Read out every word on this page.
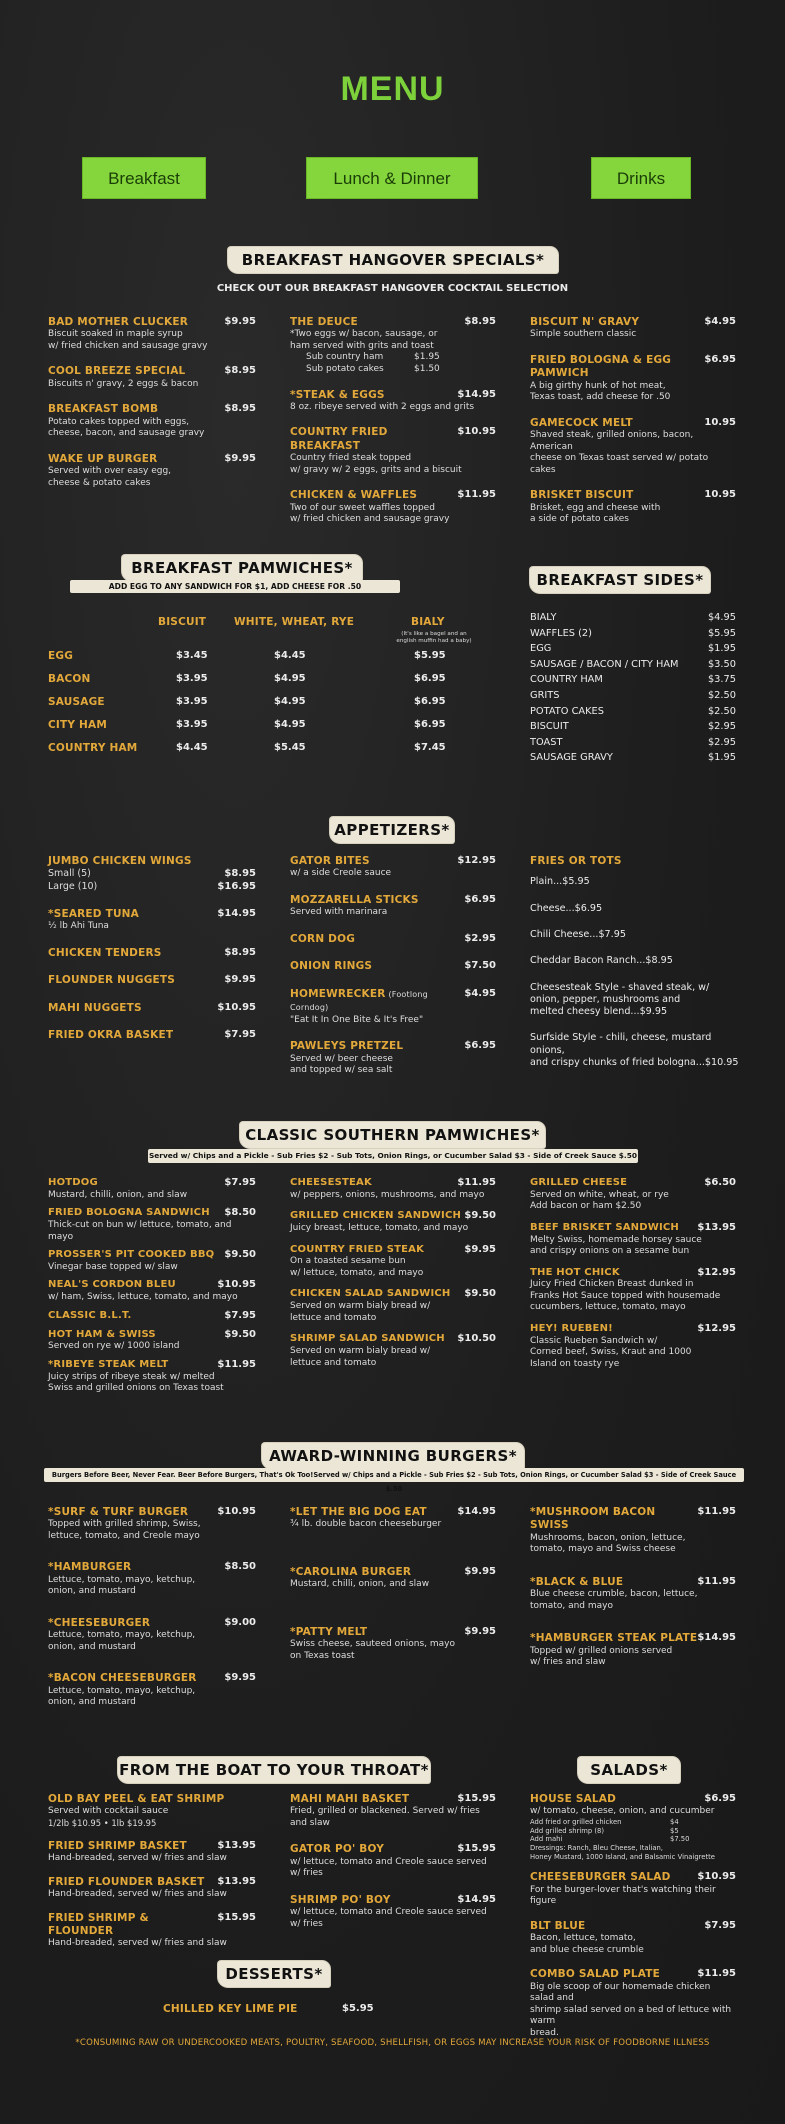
MENU
Breakfast	Lunch & Dinner	Drinks
BREAKFAST HANGOVER SPECIALS*
CHECK OUT OUR BREAKFAST HANGOVER COCKTAIL SELECTION
BAD MOTHER CLUCKER	$9.95
Biscuit soaked in maple syrup
w/ fried chicken and sausage gravy
COOL BREEZE SPECIAL	$8.95
Biscuits n' gravy, 2 eggs & bacon
BREAKFAST BOMB	$8.95
Potato cakes topped with eggs,
cheese, bacon, and sausage gravy
WAKE UP BURGER	$9.95
Served with over easy egg,
cheese & potato cakes
THE DEUCE	$8.95
*Two eggs w/ bacon, sausage, or
ham served with grits and toast
Sub country ham	$1.95
Sub potato cakes	$1.50
*STEAK & EGGS	$14.95
8 oz. ribeye served with 2 eggs and grits
COUNTRY FRIED BREAKFAST
$10.95
Country fried steak topped
w/ gravy w/ 2 eggs, grits and a biscuit
CHICKEN & WAFFLES	$11.95
Two of our sweet waffles topped
w/ fried chicken and sausage gravy
BISCUIT N' GRAVY	$4.95
Simple southern classic
FRIED BOLOGNA & EGG PAMWICH
$6.95
A big girthy hunk of hot meat,
Texas toast, add cheese for .50
GAMECOCK MELT	10.95
Shaved steak, grilled onions, bacon, American
cheese on Texas toast served w/ potato cakes
BRISKET BISCUIT	10.95
Brisket, egg and cheese with
a side of potato cakes
BREAKFAST PAMWICHES*
ADD EGG TO ANY SANDWICH FOR $1, ADD CHEESE FOR .50
BISCUIT	WHITE, WHEAT, RYE	BIALY
(It's like a bagel and an
english muffin had a baby)
EGG	$3.45	$4.45	$5.95
BACON	$3.95	$4.95	$6.95
SAUSAGE	$3.95	$4.95	$6.95
CITY HAM	$3.95	$4.95	$6.95
COUNTRY HAM	$4.45	$5.45	$7.45
BREAKFAST SIDES*
BIALY	$4.95
WAFFLES (2)	$5.95
EGG	$1.95
SAUSAGE / BACON / CITY HAM	$3.50
COUNTRY HAM	$3.75
GRITS	$2.50
POTATO CAKES	$2.50
BISCUIT	$2.95
TOAST	$2.95
SAUSAGE GRAVY	$1.95
APPETIZERS*
JUMBO CHICKEN WINGS
Small (5)	$8.95
Large (10)	$16.95
*SEARED TUNA	$14.95
½ lb Ahi Tuna
CHICKEN TENDERS	$8.95
FLOUNDER NUGGETS	$9.95
MAHI NUGGETS	$10.95
FRIED OKRA BASKET	$7.95
GATOR BITES	$12.95
w/ a side Creole sauce
MOZZARELLA STICKS	$6.95
Served with marinara
CORN DOG	$2.95
ONION RINGS	$7.50
HOMEWRECKER (Footlong Corndog)
$4.95
"Eat It In One Bite & It's Free"
PAWLEYS PRETZEL	$6.95
Served w/ beer cheese
and topped w/ sea salt
FRIES OR TOTS
Plain...$5.95
Cheese...$6.95
Chili Cheese...$7.95
Cheddar Bacon Ranch...$8.95
Cheesesteak Style - shaved steak, w/
onion, pepper, mushrooms and
melted cheesy blend...$9.95
Surfside Style - chili, cheese, mustard onions,
and crispy chunks of fried bologna...$10.95
CLASSIC SOUTHERN PAMWICHES*
Served w/ Chips and a Pickle - Sub Fries $2 - Sub Tots, Onion Rings, or Cucumber Salad $3 - Side of Creek Sauce $.50
HOTDOG	$7.95
Mustard, chilli, onion, and slaw
FRIED BOLOGNA SANDWICH $8.50
Thick-cut on bun w/ lettuce, tomato, and mayo
PROSSER'S PIT COOKED BBQ $9.50
Vinegar base topped w/ slaw
NEAL'S CORDON BLEU	$10.95
w/ ham, Swiss, lettuce, tomato, and mayo
CLASSIC B.L.T.	$7.95
HOT HAM & SWISS	$9.50
Served on rye w/ 1000 island
*RIBEYE STEAK MELT	$11.95
Juicy strips of ribeye steak w/ melted
Swiss and grilled onions on Texas toast
CHEESESTEAK	$11.95
w/ peppers, onions, mushrooms, and mayo
GRILLED CHICKEN SANDWICH $9.50
Juicy breast, lettuce, tomato, and mayo
COUNTRY FRIED STEAK	$9.95
On a toasted sesame bun
w/ lettuce, tomato, and mayo
CHICKEN SALAD SANDWICH $9.50
Served on warm bialy bread w/
lettuce and tomato
SHRIMP SALAD SANDWICH $10.50
Served on warm bialy bread w/
lettuce and tomato
GRILLED CHEESE	$6.50
Served on white, wheat, or rye
Add bacon or ham $2.50
BEEF BRISKET SANDWICH $13.95
Melty Swiss, homemade horsey sauce
and crispy onions on a sesame bun
THE HOT CHICK	$12.95
Juicy Fried Chicken Breast dunked in
Franks Hot Sauce topped with housemade
cucumbers, lettuce, tomato, mayo
HEY! RUEBEN!	$12.95
Classic Rueben Sandwich w/
Corned beef, Swiss, Kraut and 1000
Island on toasty rye
AWARD-WINNING BURGERS*
Burgers Before Beer, Never Fear. Beer Before Burgers, That's Ok Too!Served w/ Chips and a Pickle - Sub Fries $2 - Sub Tots, Onion Rings, or Cucumber Salad $3 - Side of Creek Sauce $.50
*SURF & TURF BURGER	$10.95
Topped with grilled shrimp, Swiss,
lettuce, tomato, and Creole mayo
*HAMBURGER	$8.50
Lettuce, tomato, mayo, ketchup,
onion, and mustard
*CHEESEBURGER	$9.00
Lettuce, tomato, mayo, ketchup,
onion, and mustard
*BACON CHEESEBURGER	$9.95
Lettuce, tomato, mayo, ketchup,
onion, and mustard
*LET THE BIG DOG EAT	$14.95
¾ lb. double bacon cheeseburger
*CAROLINA BURGER	$9.95
Mustard, chilli, onion, and slaw
*PATTY MELT	$9.95
Swiss cheese, sauteed onions, mayo
on Texas toast
*MUSHROOM BACON SWISS
$11.95
Mushrooms, bacon, onion, lettuce,
tomato, mayo and Swiss cheese
*BLACK & BLUE	$11.95
Blue cheese crumble, bacon, lettuce,
tomato, and mayo
*HAMBURGER STEAK PLATE $14.95
Topped w/ grilled onions served
w/ fries and slaw
FROM THE BOAT TO YOUR THROAT*
OLD BAY PEEL & EAT SHRIMP
Served with cocktail sauce
1/2lb $10.95 • 1lb $19.95
FRIED SHRIMP BASKET	$13.95
Hand-breaded, served w/ fries and slaw
FRIED FLOUNDER BASKET $13.95
Hand-breaded, served w/ fries and slaw
FRIED SHRIMP & FLOUNDER
$15.95
Hand-breaded, served w/ fries and slaw
MAHI MAHI BASKET	$15.95
Fried, grilled or blackened. Served w/ fries and slaw
GATOR PO' BOY	$15.95
w/ lettuce, tomato and Creole sauce served w/ fries
SHRIMP PO' BOY	$14.95
w/ lettuce, tomato and Creole sauce served w/ fries
SALADS*
HOUSE SALAD	$6.95
w/ tomato, cheese, onion, and cucumber
Add fried or grilled chicken	$4
Add grilled shrimp (8)	$5
Add mahi	$7.50
Dressings: Ranch, Bleu Cheese, Italian,
Honey Mustard, 1000 Island, and Balsamic Vinaigrette
CHEESEBURGER SALAD	$10.95
For the burger-lover that's watching their figure
BLT BLUE	$7.95
Bacon, lettuce, tomato,
and blue cheese crumble
COMBO SALAD PLATE	$11.95
Big ole scoop of our homemade chicken salad and
shrimp salad served on a bed of lettuce with warm
bread.
DESSERTS*
CHILLED KEY LIME PIE	$5.95
*CONSUMING RAW OR UNDERCOOKED MEATS, POULTRY, SEAFOOD, SHELLFISH, OR EGGS MAY INCREASE YOUR RISK OF FOODBORNE ILLNESS
